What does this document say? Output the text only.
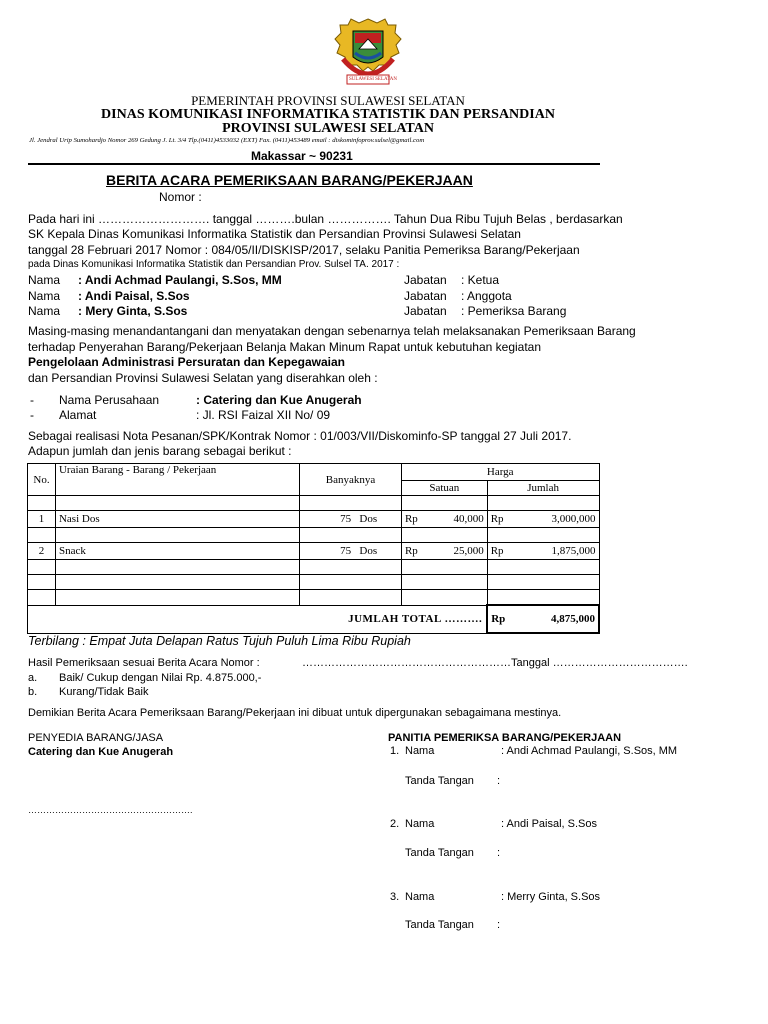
SULAWESI SELATAN
PEMERINTAH PROVINSI SULAWESI SELATAN
DINAS KOMUNIKASI INFORMATIKA STATISTIK DAN PERSANDIAN
PROVINSI SULAWESI SELATAN
Jl. Jendral Urip Sumohardjo Nomor 269 Gedung J. Lt. 3/4 Tlp.(0411)4533032 (EXT) Fax. (0411)453489 email : diskominfoprov.sulsel@gmail.com
Makassar ~ 90231
BERITA ACARA PEMERIKSAAN BARANG/PEKERJAAN
Nomor :
Pada hari ini ………………………. tanggal ……….bulan ……………. Tahun Dua Ribu Tujuh Belas , berdasarkan
SK Kepala Dinas Komunikasi Informatika Statistik dan Persandian Provinsi Sulawesi Selatan
tanggal 28 Februari 2017 Nomor : 084/05/II/DISKISP/2017, selaku Panitia Pemeriksa Barang/Pekerjaan
pada Dinas Komunikasi Informatika Statistik dan Persandian Prov. Sulsel TA. 2017 :
Nama : Andi Achmad Paulangi, S.Sos, MM	Jabatan : Ketua
Nama : Andi Paisal, S.Sos	Jabatan : Anggota
Nama : Mery Ginta, S.Sos	Jabatan : Pemeriksa Barang
Masing-masing menandantangani dan menyatakan dengan sebenarnya telah melaksanakan Pemeriksaan Barang
terhadap Penyerahan Barang/Pekerjaan Belanja Makan Minum Rapat untuk kebutuhan kegiatan
Pengelolaan Administrasi Persuratan dan Kepegawaian
dan Persandian Provinsi Sulawesi Selatan yang diserahkan oleh :
- Nama Perusahaan	: Catering dan Kue Anugerah
- Alamat	: Jl. RSI Faizal XII No/ 09
Sebagai realisasi Nota Pesanan/SPK/Kontrak Nomor : 01/003/VII/Diskominfo-SP tanggal 27 Juli 2017.
Adapun jumlah dan jenis barang sebagai berikut :
No.	Uraian Barang - Barang / Pekerjaan	Banyaknya	Harga	
			Satuan	Jumlah

1	Nasi Dos	75 Dos	Rp 40,000	Rp 3,000,000

2	Snack	75 Dos	Rp 25,000	Rp 1,875,000

JUMLAH TOTAL ……….				Rp 4,875,000
Terbilang : Empat Juta Delapan Ratus Tujuh Puluh Lima Ribu Rupiah
Hasil Pemeriksaan sesuai Berita Acara Nomor :	…………………………………………………Tanggal ……………………………….
a. Baik/ Cukup dengan Nilai Rp. 4.875.000,-
b. Kurang/Tidak Baik
Demikian Berita Acara Pemeriksaan Barang/Pekerjaan ini dibuat untuk dipergunakan sebagaimana mestinya.
PENYEDIA BARANG/JASA
Catering dan Kue Anugerah
……………………………………………….
PANITIA PEMERIKSA BARANG/PEKERJAAN
1. Nama	: Andi Achmad Paulangi, S.Sos, MM
Tanda Tangan :
2. Nama	: Andi Paisal, S.Sos
Tanda Tangan :
3. Nama	: Merry Ginta, S.Sos
Tanda Tangan :
